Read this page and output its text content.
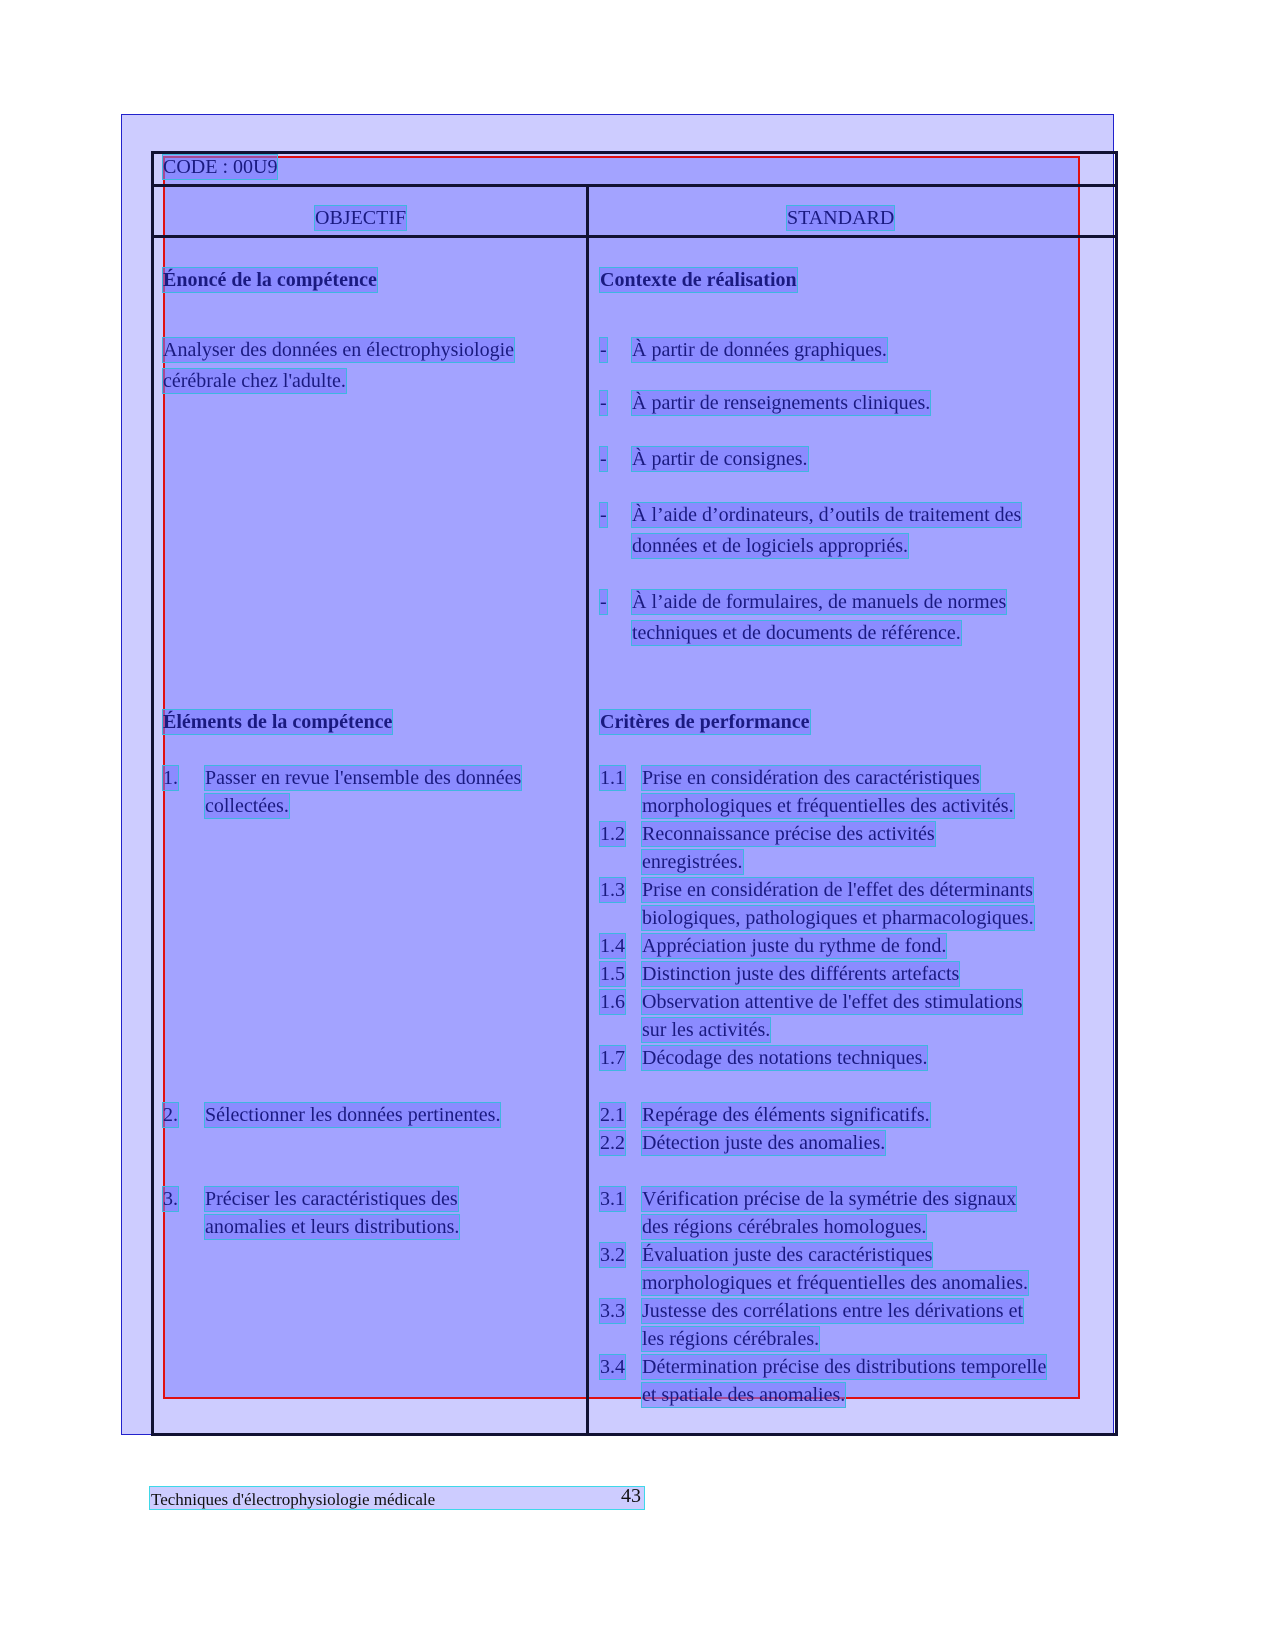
CODE : 00U9
OBJECTIF	STANDARD
Énoncé de la compétence
Analyser des données en électrophysiologie
cérébrale chez l'adulte.
Éléments de la compétence
1. Passer en revue l'ensemble des données
collectées.
2. Sélectionner les données pertinentes.
3. Préciser les caractéristiques des
anomalies et leurs distributions.
Contexte de réalisation
- À partir de données graphiques.
- À partir de renseignements cliniques.
- À partir de consignes.
- À l’aide d’ordinateurs, d’outils de traitement des
données et de logiciels appropriés.
- À l’aide de formulaires, de manuels de normes
techniques et de documents de référence.
Critères de performance
1.1 Prise en considération des caractéristiques
morphologiques et fréquentielles des activités.
1.2 Reconnaissance précise des activités
enregistrées.
1.3 Prise en considération de l'effet des déterminants
biologiques, pathologiques et pharmacologiques.
1.4 Appréciation juste du rythme de fond.
1.5 Distinction juste des différents artefacts
1.6 Observation attentive de l'effet des stimulations
sur les activités.
1.7 Décodage des notations techniques.
2.1 Repérage des éléments significatifs.
2.2 Détection juste des anomalies.
3.1 Vérification précise de la symétrie des signaux
des régions cérébrales homologues.
3.2 Évaluation juste des caractéristiques
morphologiques et fréquentielles des anomalies.
3.3 Justesse des corrélations entre les dérivations et
les régions cérébrales.
3.4 Détermination précise des distributions temporelle
et spatiale des anomalies.
Techniques d'électrophysiologie médicale	43
